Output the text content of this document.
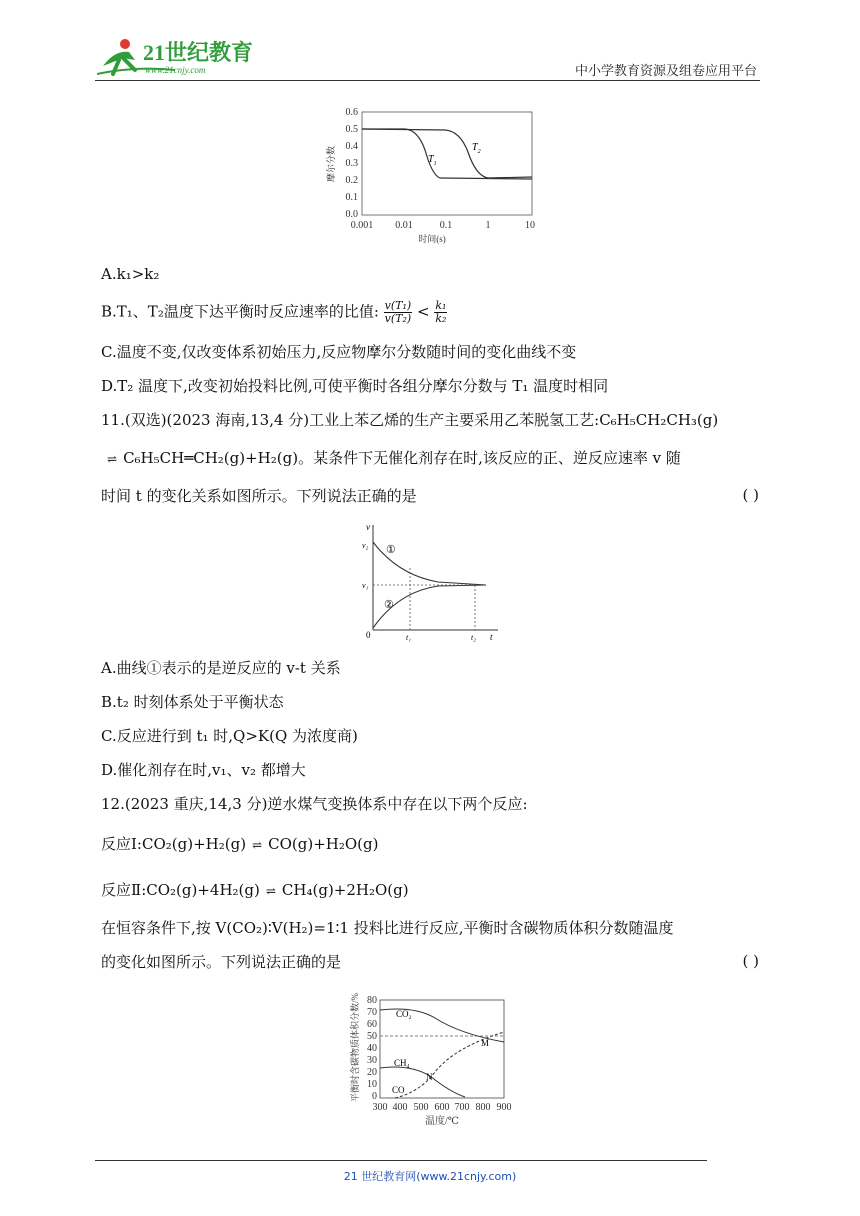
21世纪教育
www.21cnjy.com	中小学教育资源及组卷应用平台
0.6
0.5
0.4
0.3
0.2
0.1
0.0
0.001 0.01	0.1	1	10
时间(s)
摩尔分数	$T_1$
$T_2$
A.k₁>k₂
B.T₁、T₂温度下达平衡时反应速率的比值: $\frac{\text{v(T₁)}}{\text{v(T₂)}} < \frac{\text{k₁}}{\text{k₂}}$
C.温度不变,仅改变体系初始压力,反应物摩尔分数随时间的变化曲线不变
D.T₂ 温度下,改变初始投料比例,可使平衡时各组分摩尔分数与 T₁ 温度时相同
11.(双选)(2023 海南,13,4 分)工业上苯乙烯的生产主要采用乙苯脱氢工艺:C₆H₅CH₂CH₃(g)
⇌ C₆H₅CH═CH₂(g)+H₂(g)。某条件下无催化剂存在时,该反应的正、逆反应速率 v 随
时间 t 的变化关系如图所示。下列说法正确的是	( )
v
v₂
v₁
0
①
②
t₁	t₂ t
A.曲线①表示的是逆反应的 v-t 关系
B.t₂ 时刻体系处于平衡状态
C.反应进行到 t₁ 时,Q>K(Q 为浓度商)
D.催化剂存在时,v₁、v₂ 都增大
12.(2023 重庆,14,3 分)逆水煤气变换体系中存在以下两个反应:
反应Ⅰ:CO₂(g)+H₂(g) ⇌ CO(g)+H₂O(g)
反应Ⅱ:CO₂(g)+4H₂(g) ⇌ CH₄(g)+2H₂O(g)
在恒容条件下,按 V(CO₂)∶V(H₂)=1∶1 投料比进行反应,平衡时含碳物质体积分数随温度
的变化如图所示。下列说法正确的是	( )
80
70
60
50
40
30
20
10
0
300 400 500 600 700 800 900
温度/℃
平衡时含碳物质体积分数/%	CO₂
CH₄
CO
M
N
21 世纪教育网(www.21cnjy.com)
